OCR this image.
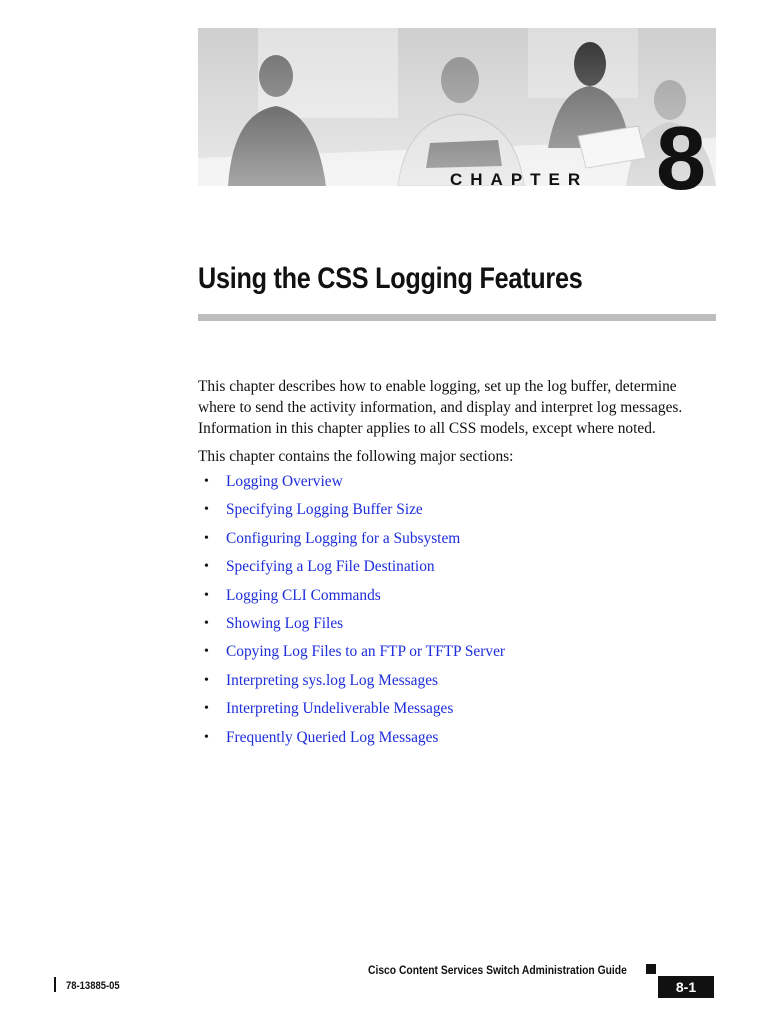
CHAPTER 8
Using the CSS Logging Features

This chapter describes how to enable logging, set up the log buffer, determine where to send the activity information, and display and interpret log messages. Information in this chapter applies to all CSS models, except where noted.

This chapter contains the following major sections:

• Logging Overview
• Specifying Logging Buffer Size
• Configuring Logging for a Subsystem
• Specifying a Log File Destination
• Logging CLI Commands
• Showing Log Files
• Copying Log Files to an FTP or TFTP Server
• Interpreting sys.log Log Messages
• Interpreting Undeliverable Messages
• Frequently Queried Log Messages
Cisco Content Services Switch Administration Guide
78-13885-05	8-1
